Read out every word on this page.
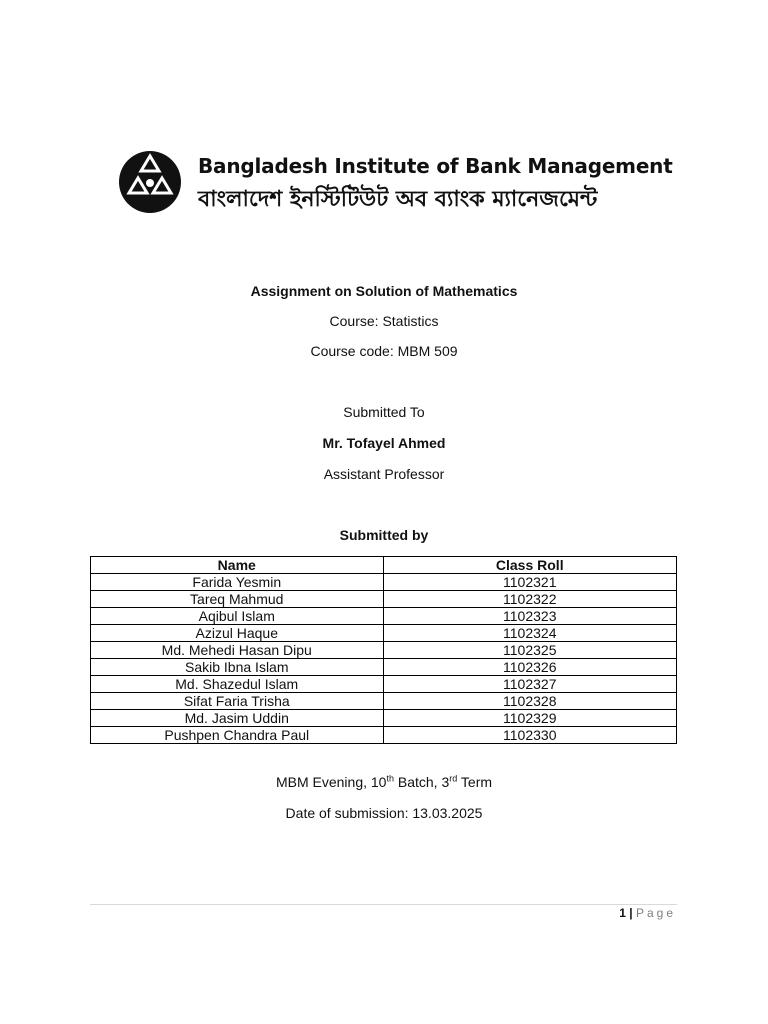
Bangladesh Institute of Bank Management
বাংলাদেশ ইনস্টিটিউট অব ব্যাংক ম্যানেজমেন্ট
Assignment on Solution of Mathematics
Course: Statistics
Course code: MBM 509
Submitted To
Mr. Tofayel Ahmed
Assistant Professor
Submitted by
Name	Class Roll
Farida Yesmin	1102321
Tareq Mahmud	1102322
Aqibul Islam	1102323
Azizul Haque	1102324
Md. Mehedi Hasan Dipu	1102325
Sakib Ibna Islam	1102326
Md. Shazedul Islam	1102327
Sifat Faria Trisha	1102328
Md. Jasim Uddin	1102329
Pushpen Chandra Paul	1102330
MBM Evening, 10th Batch, 3rd Term
Date of submission: 13.03.2025
1 | Page
